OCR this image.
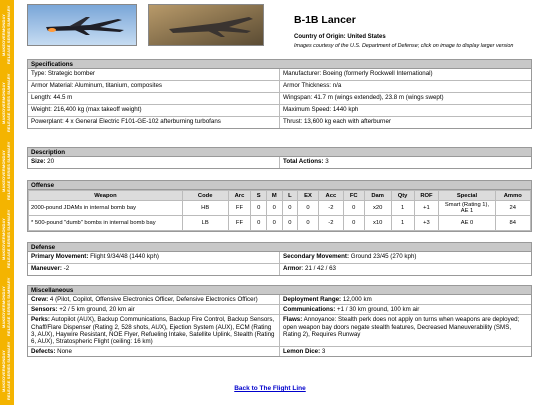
MAKEOVERMONDAY RELEASE SERIES SUMMARY
MAKEOVERMONDAY RELEASE SERIES SUMMARY
MAKEOVERMONDAY RELEASE SERIES SUMMARY
MAKEOVERMONDAY RELEASE SERIES SUMMARY
MAKEOVERMONDAY RELEASE SERIES SUMMARY
MAKEOVERMONDAY RELEASE SERIES SUMMARY
B-1B Lancer
Country of Origin: United States
Images courtesy of the U.S. Department of Defense; click on image to display larger version
Specifications
Type: Strategic bomber	Manufacturer: Boeing (formerly Rockwell International)
Armor Material: Aluminum, titanium, composites	Armor Thickness: n/a
Length: 44.5 m	Wingspan: 41.7 m (wings extended), 23.8 m (wings swept)
Weight: 216,400 kg (max takeoff weight)	Maximum Speed: 1440 kph
Powerplant: 4 x General Electric F101-GE-102 afterburning turbofans	Thrust: 13,600 kg each with afterburner
Description
Size: 20	Total Actions: 3
Offense
Weapon	Code	Arc	S	M	L	EX	Acc	FC	Dam	Qty	ROF	Special	Ammo
2000-pound JDAMs in internal bomb bay	HB	FF	0	0	0	0	-2	0	x20	1	+1	Smart (Rating 1), AE 1	24
* 500-pound "dumb" bombs in internal bomb bay	LB	FF	0	0	0	0	-2	0	x10	1	+3	AE 0	84
Defense
Primary Movement: Flight 9/34/48 (1440 kph)	Secondary Movement: Ground 23/45 (270 kph)
Maneuver: -2	Armor: 21 / 42 / 63
Miscellaneous
Crew: 4 (Pilot, Copilot, Offensive Electronics Officer, Defensive Electronics Officer)	Deployment Range: 12,000 km
Sensors: +2 / 5 km ground, 20 km air	Communications: +1 / 30 km ground, 100 km air
Perks: Autopilot (AUX), Backup Communications, Backup Fire Control, Backup Sensors, Chaff/Flare Dispenser (Rating 2, 528 shots, AUX), Ejection System (AUX), ECM (Rating 3, AUX), Haywire Resistant, NOE Flyer, Refueling Intake, Satellite Uplink, Stealth (Rating 6, AUX), Stratospheric Flight (ceiling: 16 km)
Flaws: Annoyance: Stealth perk does not apply on turns when weapons are deployed; open weapon bay doors negate stealth features, Decreased Maneuverability (SMS, Rating 2), Requires Runway
Defects: None	Lemon Dice: 3
Back to The Flight Line
